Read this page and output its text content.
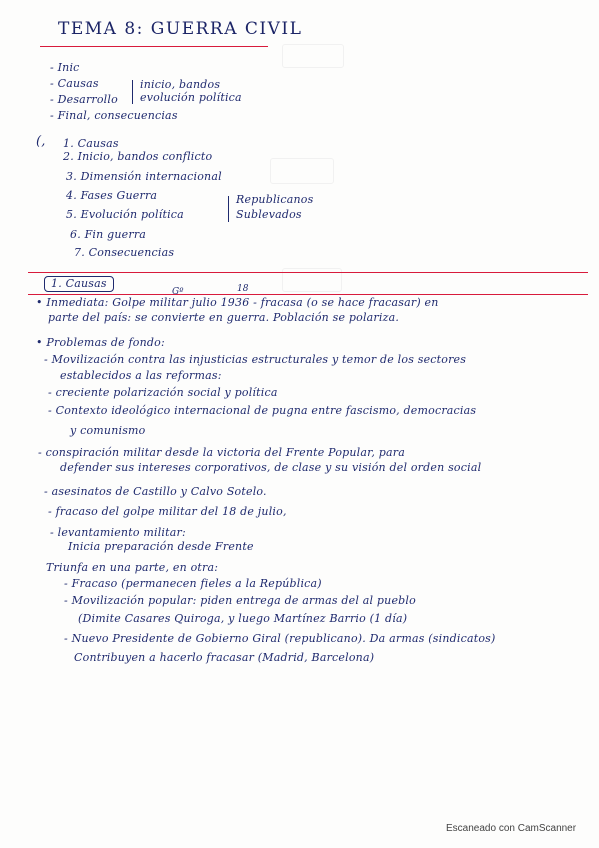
TEMA 8: GUERRA CIVIL
- Inic
- Causas
- Desarrollo
inicio, bandos
evolución política
- Final, consecuencias
(, 1. Causas
2. Inicio, bandos conflicto
3. Dimensión internacional
4. Fases Guerra
5. Evolución política
Republicanos
Sublevados
6. Fin guerra
7. Consecuencias
1. Causas
Gº	18
• Inmediata: Golpe militar julio 1936 - fracasa (o se hace fracasar) en
parte del país: se convierte en guerra. Población se polariza.
• Problemas de fondo:
- Movilización contra las injusticias estructurales y temor de los sectores
establecidos a las reformas:
- creciente polarización social y política
- Contexto ideológico internacional de pugna entre fascismo, democracias
y comunismo
- conspiración militar desde la victoria del Frente Popular, para
defender sus intereses corporativos, de clase y su visión del orden social
- asesinatos de Castillo y Calvo Sotelo.
- fracaso del golpe militar del 18 de julio,
- levantamiento militar:
Inicia preparación desde Frente
Triunfa en una parte, en otra:
- Fracaso (permanecen fieles a la República)
- Movilización popular: piden entrega de armas del al pueblo
(Dimite Casares Quiroga, y luego Martínez Barrio (1 día)
- Nuevo Presidente de Gobierno Giral (republicano). Da armas (sindicatos)
Contribuyen a hacerlo fracasar (Madrid, Barcelona)
Escaneado con CamScanner
